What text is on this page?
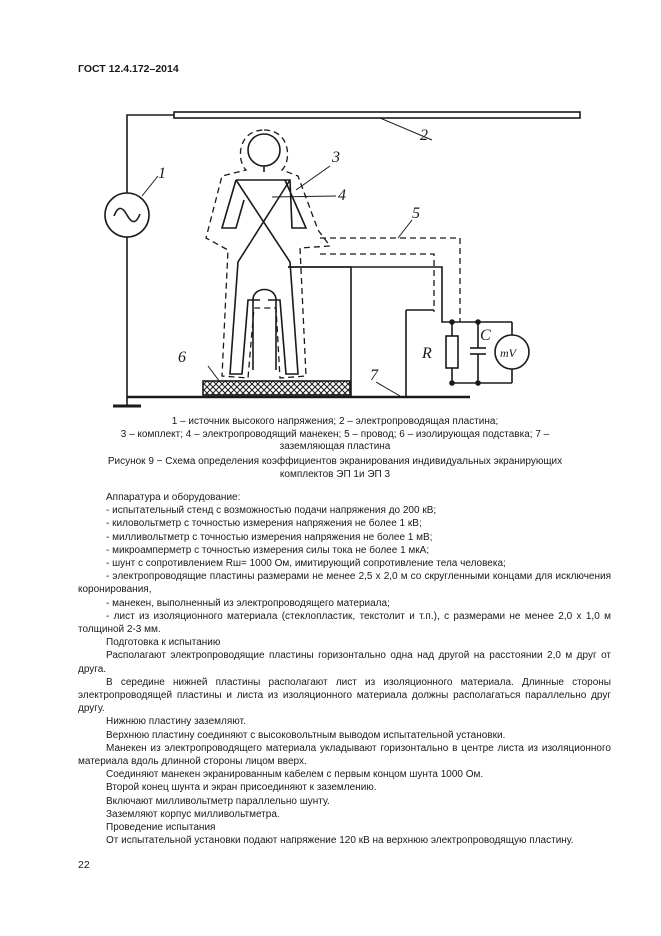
ГОСТ 12.4.172–2014
1
2
3
4
5
6
7
R
C
mV
1 – источник высокого напряжения; 2 – электропроводящая пластина;
3 – комплект; 4 – электропроводящий манекен; 5 – провод; 6 – изолирующая подставка; 7 –
заземляющая пластина
Рисунок 9 − Схема определения коэффициентов экранирования индивидуальных экранирующих
комплектов ЭП 1и ЭП 3

Аппаратура и оборудование:

- испытательный стенд с возможностью подачи напряжения до 200 кВ;

- киловольтметр с точностью измерения напряжения не более 1 кВ;

- милливольтметр с точностью измерения напряжения не более 1 мВ;

- микроамперметр с точностью измерения силы тока не более 1 мкА;

- шунт с сопротивлением Rш= 1000 Ом, имитирующий сопротивление тела человека;

- электропроводящие пластины размерами не менее 2,5 х 2,0 м со скругленными концами для исключения коронирования,

- манекен, выполненный из электропроводящего материала;

- лист из изоляционного материала (стеклопластик, текстолит и т.п.), с размерами не менее 2,0 х 1,0 м толщиной 2-3 мм.

Подготовка к испытанию

Располагают электропроводящие пластины горизонтально одна над другой на расстоянии 2,0 м друг от друга.

В середине нижней пластины располагают лист из изоляционного материала. Длинные стороны электропроводящей пластины и листа из изоляционного материала должны располагаться параллельно друг другу.

Нижнюю пластину заземляют.

Верхнюю пластину соединяют с высоковольтным выводом испытательной установки.

Манекен из электропроводящего материала укладывают горизонтально в центре листа из изоляционного материала вдоль длинной стороны лицом вверх.

Соединяют манекен экранированным кабелем с первым концом шунта 1000 Ом.

Второй конец шунта и экран присоединяют к заземлению.

Включают милливольтметр параллельно шунту.

Заземляют корпус милливольтметра.

Проведение испытания

От испытательной установки подают напряжение 120 кВ на верхнюю электропроводящую пластину.

22
